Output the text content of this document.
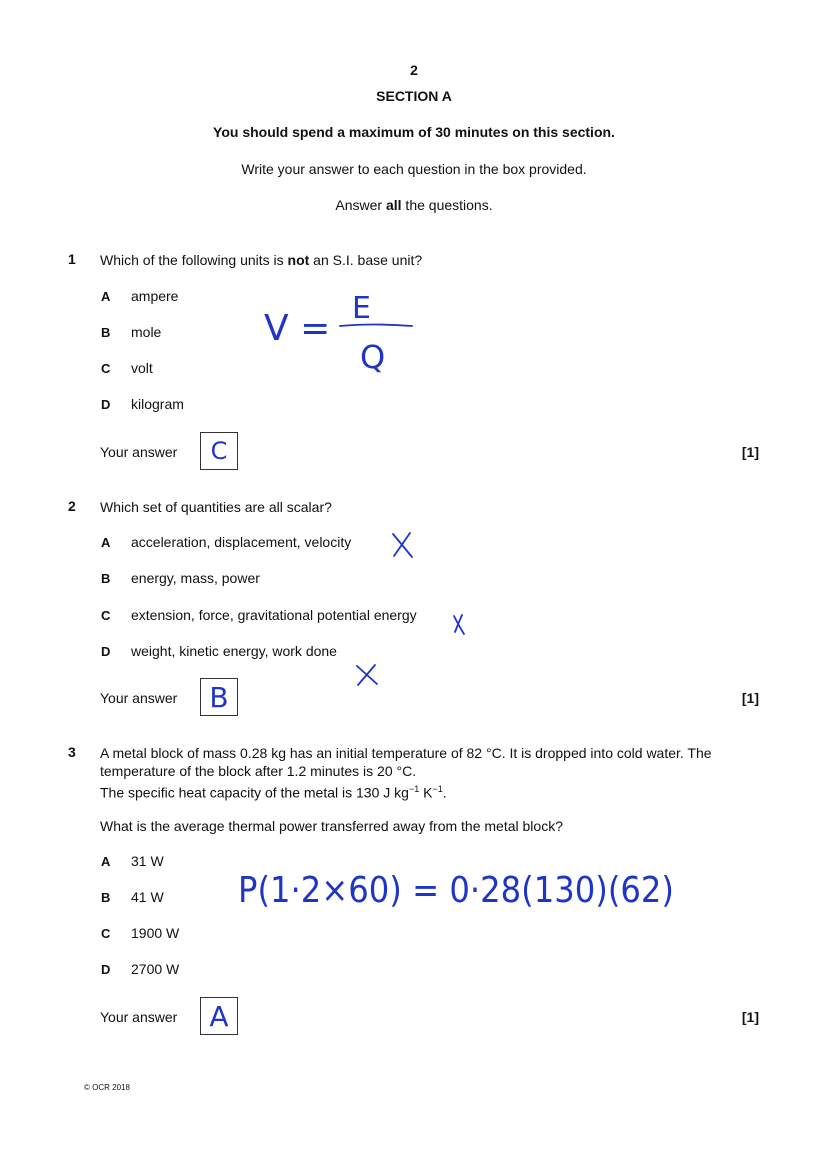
2
SECTION A
You should spend a maximum of 30 minutes on this section.
Write your answer to each question in the box provided.
Answer all the questions.
1 Which of the following units is not an S.I. base unit?
A ampere
B mole
C volt
D kilogram
V = E
Q
Your answer	C	[1]
2 Which set of quantities are all scalar?
A acceleration, displacement, velocity
B energy, mass, power
C extension, force, gravitational potential energy
D weight, kinetic energy, work done
Your answer B	[1]
3 A metal block of mass 0.28 kg has an initial temperature of 82 °C. It is dropped into cold water. The
temperature of the block after 1.2 minutes is 20 °C.
The specific heat capacity of the metal is 130 J $kg^{-1}$ $K^{-1}$.
What is the average thermal power transferred away from the metal block?
A 31 W
B 41 W
C 1900 W
D 2700 W
P(1·2×60) = 0·28(130)(62)
Your answer	A	[1]
© OCR 2018
